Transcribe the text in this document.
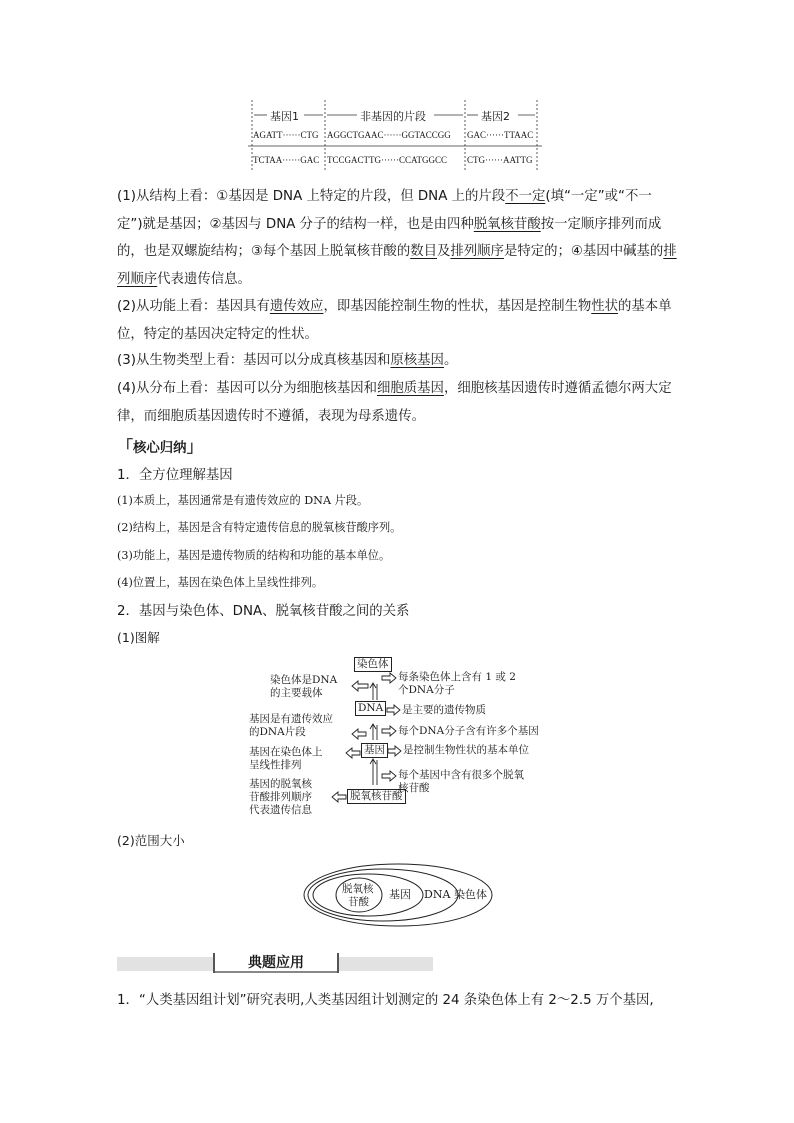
基因1	非基因的片段	基因2
AGATT······CTG AGGCTGAAC······GGTACCGG GAC······TTAAC
TCTAA······GAC TCCGACTTG······CCATGGCC CTG······AATTG
(1)从结构上看：①基因是 DNA 上特定的片段，但 DNA 上的片段不一定(填“一定”或“不一定”)就是基因；②基因与 DNA 分子的结构一样，也是由四种脱氧核苷酸按一定顺序排列而成的，也是双螺旋结构；③每个基因上脱氧核苷酸的数目及排列顺序是特定的；④基因中碱基的排列顺序代表遗传信息。
(2)从功能上看：基因具有遗传效应，即基因能控制生物的性状，基因是控制生物性状的基本单位，特定的基因决定特定的性状。
(3)从生物类型上看：基因可以分成真核基因和原核基因。
(4)从分布上看：基因可以分为细胞核基因和细胞质基因，细胞核基因遗传时遵循孟德尔两大定律，而细胞质基因遗传时不遵循，表现为母系遗传。
「核心归纳」
1．全方位理解基因
(1)本质上，基因通常是有遗传效应的 DNA 片段。
(2)结构上，基因是含有特定遗传信息的脱氧核苷酸序列。
(3)功能上，基因是遗传物质的结构和功能的基本单位。
(4)位置上，基因在染色体上呈线性排列。
2．基因与染色体、DNA、脱氧核苷酸之间的关系
(1)图解
染色体
DNA
基因
脱氧核苷酸
染色体是DNA
的主要载体
每条染色体上含有 1 或 2
个DNA分子
是主要的遗传物质
基因是有遗传效应
的DNA片段	每个DNA分子含有许多个基因
基因在染色体上
呈线性排列
是控制生物性状的基本单位
每个基因中含有很多个脱氧
核苷酸
基因的脱氧核
苷酸排列顺序
代表遗传信息
(2)范围大小
脱氧核
苷酸
基因 DNA 染色体
典题应用
1．“人类基因组计划”研究表明,人类基因组计划测定的 24 条染色体上有 2～2.5 万个基因,
